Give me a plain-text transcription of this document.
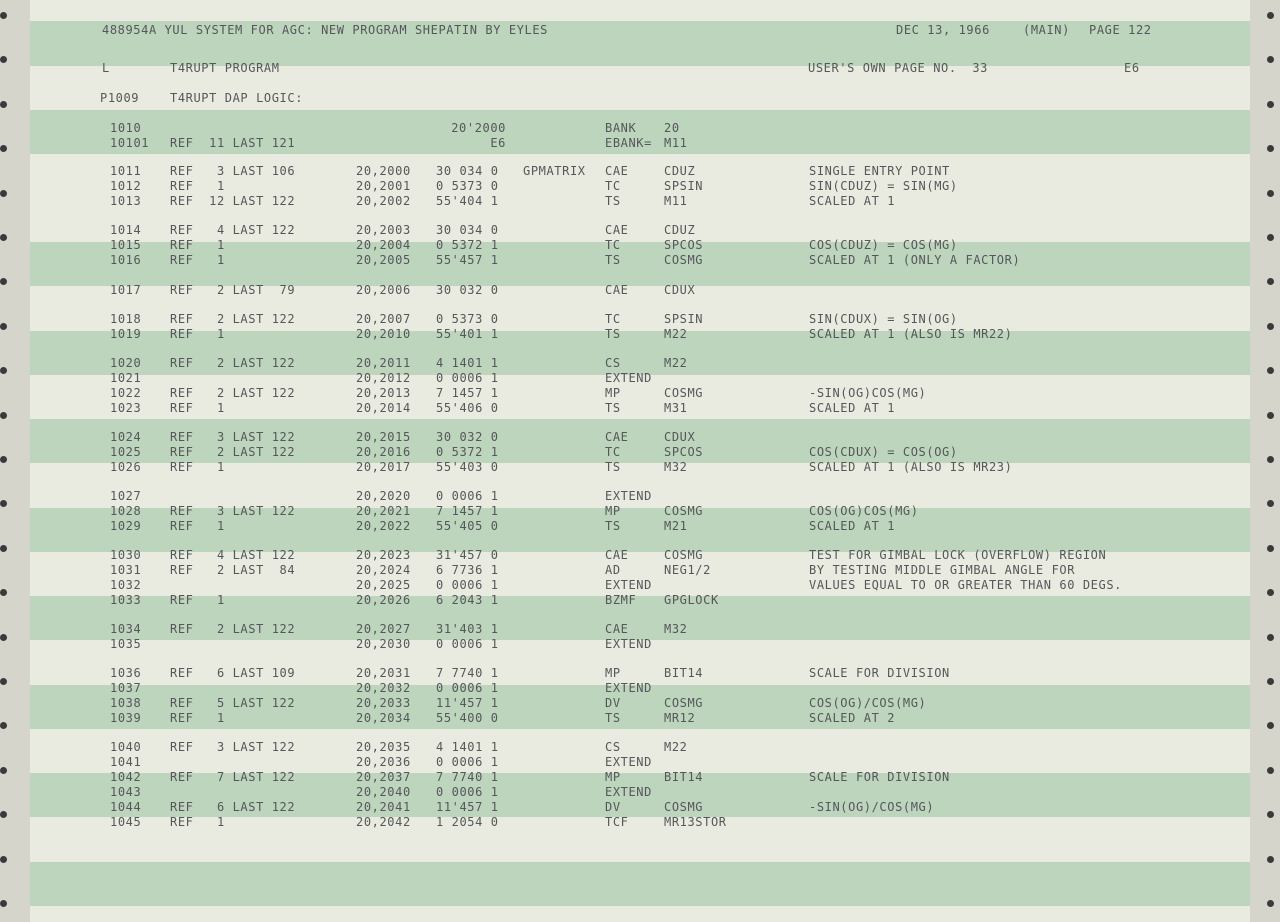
488954A YUL SYSTEM FOR AGC: NEW PROGRAM SHEPATIN BY EYLES	DEC 13, 1966	(MAIN) PAGE 122
L	T4RUPT PROGRAM	USER'S OWN PAGE NO.  33	E6
P1009	T4RUPT DAP LOGIC:
1010	20'2000	BANK 20
10101 REF  11 LAST 121	E6	EBANK= M11
1011 REF   3 LAST 106	20,2000 30 034 0 GPMATRIX CAE	CDUZ	SINGLE ENTRY POINT
1012 REF   1	20,2001 0 5373 0	TC	SPSIN	SIN(CDUZ) = SIN(MG)
1013 REF  12 LAST 122	20,2002 55'404 1	TS	M11	SCALED AT 1
1014 REF   4 LAST 122	20,2003 30 034 0	CAE	CDUZ
1015 REF   1	20,2004 0 5372 1	TC	SPCOS	COS(CDUZ) = COS(MG)
1016 REF   1	20,2005 55'457 1	TS	COSMG	SCALED AT 1 (ONLY A FACTOR)
1017 REF   2 LAST  79	20,2006 30 032 0	CAE	CDUX
1018 REF   2 LAST 122	20,2007 0 5373 0	TC	SPSIN	SIN(CDUX) = SIN(OG)
1019 REF   1	20,2010 55'401 1	TS	M22	SCALED AT 1 (ALSO IS MR22)
1020 REF   2 LAST 122	20,2011 4 1401 1	CS	M22
1021	20,2012 0 0006 1	EXTEND
1022 REF   2 LAST 122	20,2013 7 1457 1	MP	COSMG	-SIN(OG)COS(MG)
1023 REF   1	20,2014 55'406 0	TS	M31	SCALED AT 1
1024 REF   3 LAST 122	20,2015 30 032 0	CAE	CDUX
1025 REF   2 LAST 122	20,2016 0 5372 1	TC	SPCOS	COS(CDUX) = COS(OG)
1026 REF   1	20,2017 55'403 0	TS	M32	SCALED AT 1 (ALSO IS MR23)
1027	20,2020 0 0006 1	EXTEND
1028 REF   3 LAST 122	20,2021 7 1457 1	MP	COSMG	COS(OG)COS(MG)
1029 REF   1	20,2022 55'405 0	TS	M21	SCALED AT 1
1030 REF   4 LAST 122	20,2023 31'457 0	CAE	COSMG	TEST FOR GIMBAL LOCK (OVERFLOW) REGION
1031 REF   2 LAST  84	20,2024 6 7736 1	AD	NEG1/2	BY TESTING MIDDLE GIMBAL ANGLE FOR
1032	20,2025 0 0006 1	EXTEND	VALUES EQUAL TO OR GREATER THAN 60 DEGS.
1033 REF   1	20,2026 6 2043 1	BZMF GPGLOCK
1034 REF   2 LAST 122	20,2027 31'403 1	CAE	M32
1035	20,2030 0 0006 1	EXTEND
1036 REF   6 LAST 109	20,2031 7 7740 1	MP	BIT14	SCALE FOR DIVISION
1037	20,2032 0 0006 1	EXTEND
1038 REF   5 LAST 122	20,2033 11'457 1	DV	COSMG	COS(OG)/COS(MG)
1039 REF   1	20,2034 55'400 0	TS	MR12	SCALED AT 2
1040 REF   3 LAST 122	20,2035 4 1401 1	CS	M22
1041	20,2036 0 0006 1	EXTEND
1042 REF   7 LAST 122	20,2037 7 7740 1	MP	BIT14	SCALE FOR DIVISION
1043	20,2040 0 0006 1	EXTEND
1044 REF   6 LAST 122	20,2041 11'457 1	DV	COSMG	-SIN(OG)/COS(MG)
1045 REF   1	20,2042 1 2054 0	TCF	MR13STOR
